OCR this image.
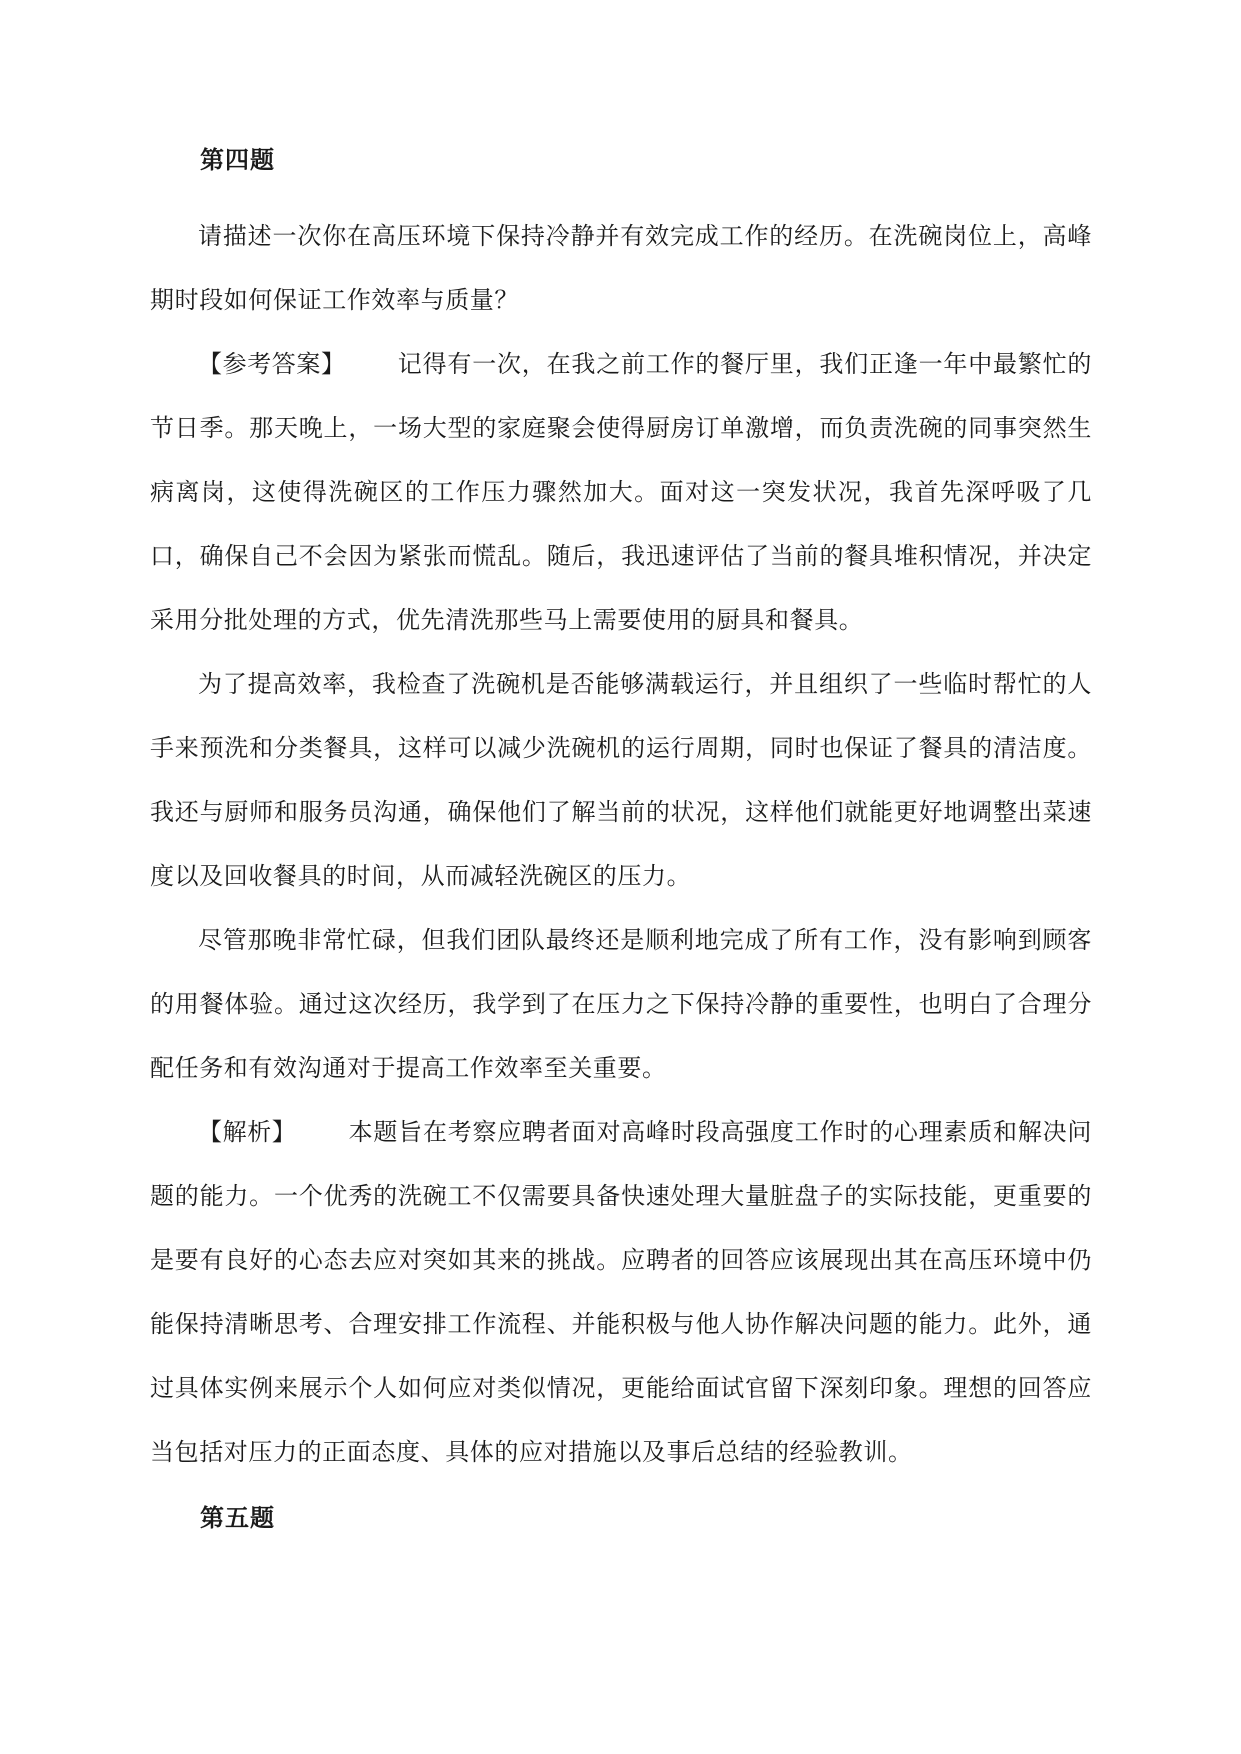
第四题

请描述一次你在高压环境下保持冷静并有效完成工作的经历。在洗碗岗位上，高峰期时段如何保证工作效率与质量？

【参考答案】 记得有一次，在我之前工作的餐厅里，我们正逢一年中最繁忙的节日季。那天晚上，一场大型的家庭聚会使得厨房订单激增，而负责洗碗的同事突然生病离岗，这使得洗碗区的工作压力骤然加大。面对这一突发状况，我首先深呼吸了几口，确保自己不会因为紧张而慌乱。随后，我迅速评估了当前的餐具堆积情况，并决定采用分批处理的方式，优先清洗那些马上需要使用的厨具和餐具。

为了提高效率，我检查了洗碗机是否能够满载运行，并且组织了一些临时帮忙的人手来预洗和分类餐具，这样可以减少洗碗机的运行周期，同时也保证了餐具的清洁度。我还与厨师和服务员沟通，确保他们了解当前的状况，这样他们就能更好地调整出菜速度以及回收餐具的时间，从而减轻洗碗区的压力。

尽管那晚非常忙碌，但我们团队最终还是顺利地完成了所有工作，没有影响到顾客的用餐体验。通过这次经历，我学到了在压力之下保持冷静的重要性，也明白了合理分配任务和有效沟通对于提高工作效率至关重要。

【解析】 本题旨在考察应聘者面对高峰时段高强度工作时的心理素质和解决问题的能力。一个优秀的洗碗工不仅需要具备快速处理大量脏盘子的实际技能，更重要的是要有良好的心态去应对突如其来的挑战。应聘者的回答应该展现出其在高压环境中仍能保持清晰思考、合理安排工作流程、并能积极与他人协作解决问题的能力。此外，通过具体实例来展示个人如何应对类似情况，更能给面试官留下深刻印象。理想的回答应当包括对压力的正面态度、具体的应对措施以及事后总结的经验教训。

第五题
